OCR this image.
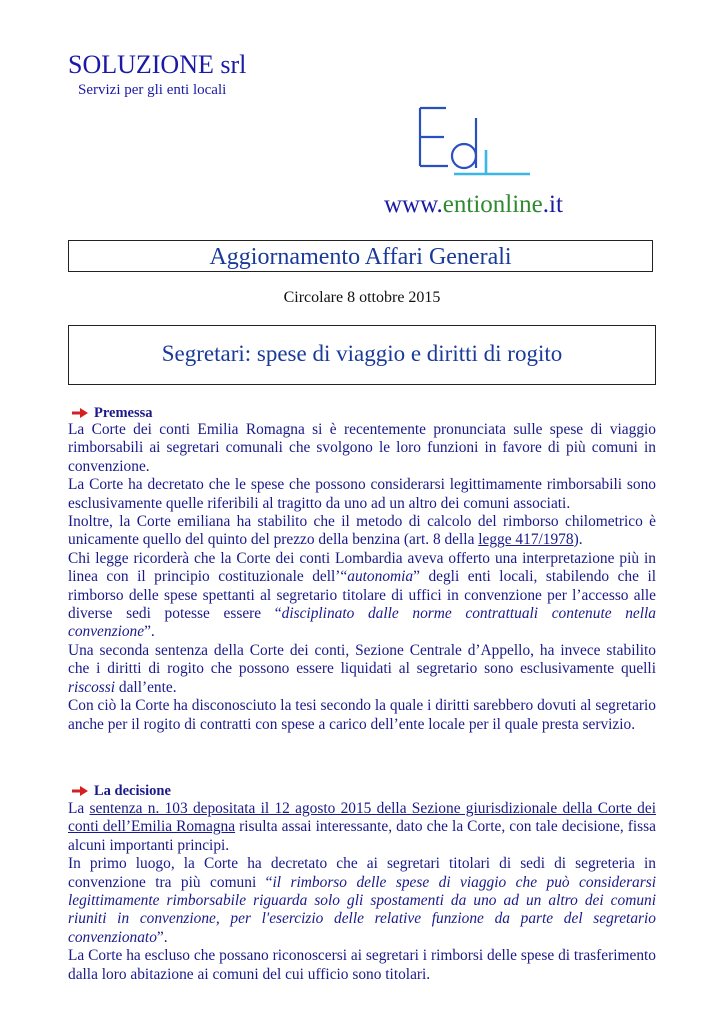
SOLUZIONE srl
Servizi per gli enti locali
www.entionline.it
Aggiornamento Affari Generali
Circolare 8 ottobre 2015
Segretari: spese di viaggio e diritti di rogito
Premessa

La Corte dei conti Emilia Romagna si è recentemente pronunciata sulle spese di viaggio rimborsabili ai segretari comunali che svolgono le loro funzioni in favore di più comuni in convenzione.

La Corte ha decretato che le spese che possono considerarsi legittimamente rimborsabili sono esclusivamente quelle riferibili al tragitto da uno ad un altro dei comuni associati.

Inoltre, la Corte emiliana ha stabilito che il metodo di calcolo del rimborso chilometrico è unicamente quello del quinto del prezzo della benzina (art. 8 della legge 417/1978).

Chi legge ricorderà che la Corte dei conti Lombardia aveva offerto una interpretazione più in linea con il principio costituzionale dell’“autonomia” degli enti locali, stabilendo che il rimborso delle spese spettanti al segretario titolare di uffici in convenzione per l’accesso alle diverse sedi potesse essere “disciplinato dalle norme contrattuali contenute nella convenzione”.

Una seconda sentenza della Corte dei conti, Sezione Centrale d’Appello, ha invece stabilito che i diritti di rogito che possono essere liquidati al segretario sono esclusivamente quelli riscossi dall’ente.

Con ciò la Corte ha disconosciuto la tesi secondo la quale i diritti sarebbero dovuti al segretario anche per il rogito di contratti con spese a carico dell’ente locale per il quale presta servizio.

La decisione

La sentenza n. 103 depositata il 12 agosto 2015 della Sezione giurisdizionale della Corte dei conti dell’Emilia Romagna risulta assai interessante, dato che la Corte, con tale decisione, fissa alcuni importanti principi.

In primo luogo, la Corte ha decretato che ai segretari titolari di sedi di segreteria in convenzione tra più comuni “il rimborso delle spese di viaggio che può considerarsi legittimamente rimborsabile riguarda solo gli spostamenti da uno ad un altro dei comuni riuniti in convenzione, per l'esercizio delle relative funzione da parte del segretario convenzionato”.

La Corte ha escluso che possano riconoscersi ai segretari i rimborsi delle spese di trasferimento dalla loro abitazione ai comuni del cui ufficio sono titolari.
